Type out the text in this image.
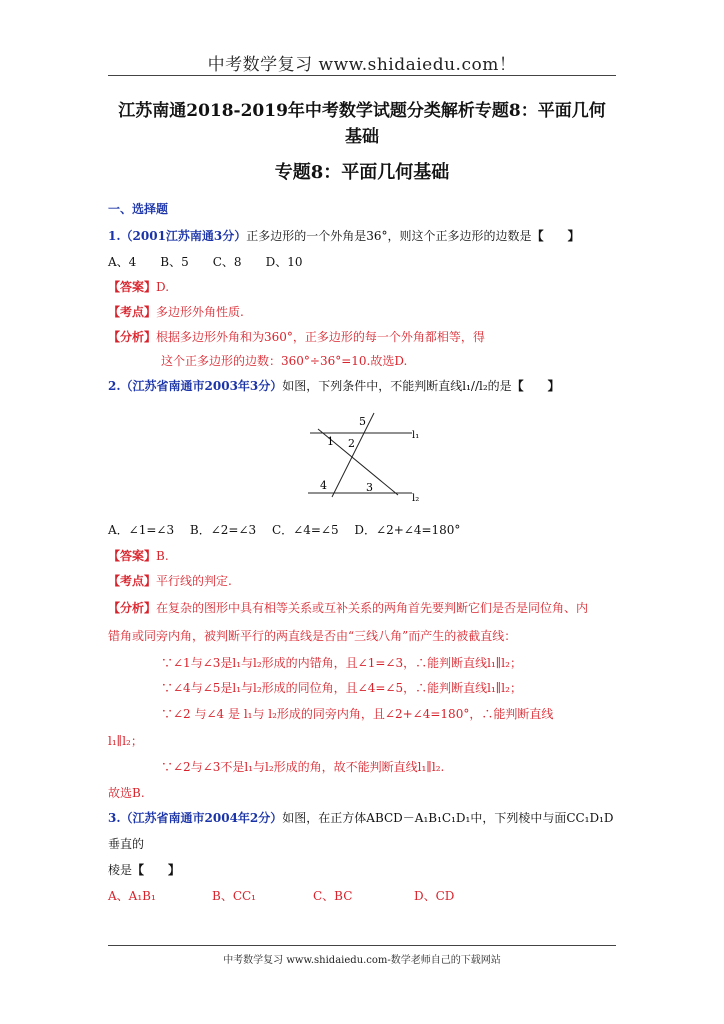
中考数学复习 www.shidaiedu.com！
江苏南通2018-2019年中考数学试题分类解析专题8：平面几何
基础
专题8：平面几何基础
一、选择题
1.（2001江苏南通3分）正多边形的一个外角是36°，则这个正多边形的边数是【　　】
A、4　　B、5　　C、8　　D、10
【答案】D.
【考点】多边形外角性质.
【分析】根据多边形外角和为360°，正多边形的每一个外角都相等，得
这个正多边形的边数：360°÷36°=10.故选D.
2.（江苏省南通市2003年3分）如图，下列条件中，不能判断直线l₁//l₂的是【　　】
1 2
3
4
5
l₁
l₂
A．∠1=∠3　 B．∠2=∠3　 C．∠4=∠5　 D．∠2+∠4=180°
【答案】B.
【考点】平行线的判定.
【分析】在复杂的图形中具有相等关系或互补关系的两角首先要判断它们是否是同位角、内
错角或同旁内角，被判断平行的两直线是否由“三线八角”而产生的被截直线：
∵∠1与∠3是l₁与l₂形成的内错角，且∠1=∠3，∴能判断直线l₁∥l₂；
∵∠4与∠5是l₁与l₂形成的同位角，且∠4=∠5，∴能判断直线l₁∥l₂；
∵∠2 与∠4 是 l₁与 l₂形成的同旁内角，且∠2+∠4=180°，∴能判断直线
l₁∥l₂；
∵∠2与∠3不是l₁与l₂形成的角，故不能判断直线l₁∥l₂.
故选B.
3.（江苏省南通市2004年2分）如图，在正方体ABCD－A₁B₁C₁D₁中，下列棱中与面CC₁D₁D
垂直的
棱是【　　】
A、A₁B₁	B、CC₁	C、BC	D、CD
中考数学复习 www.shidaiedu.com-数学老师自己的下载网站
